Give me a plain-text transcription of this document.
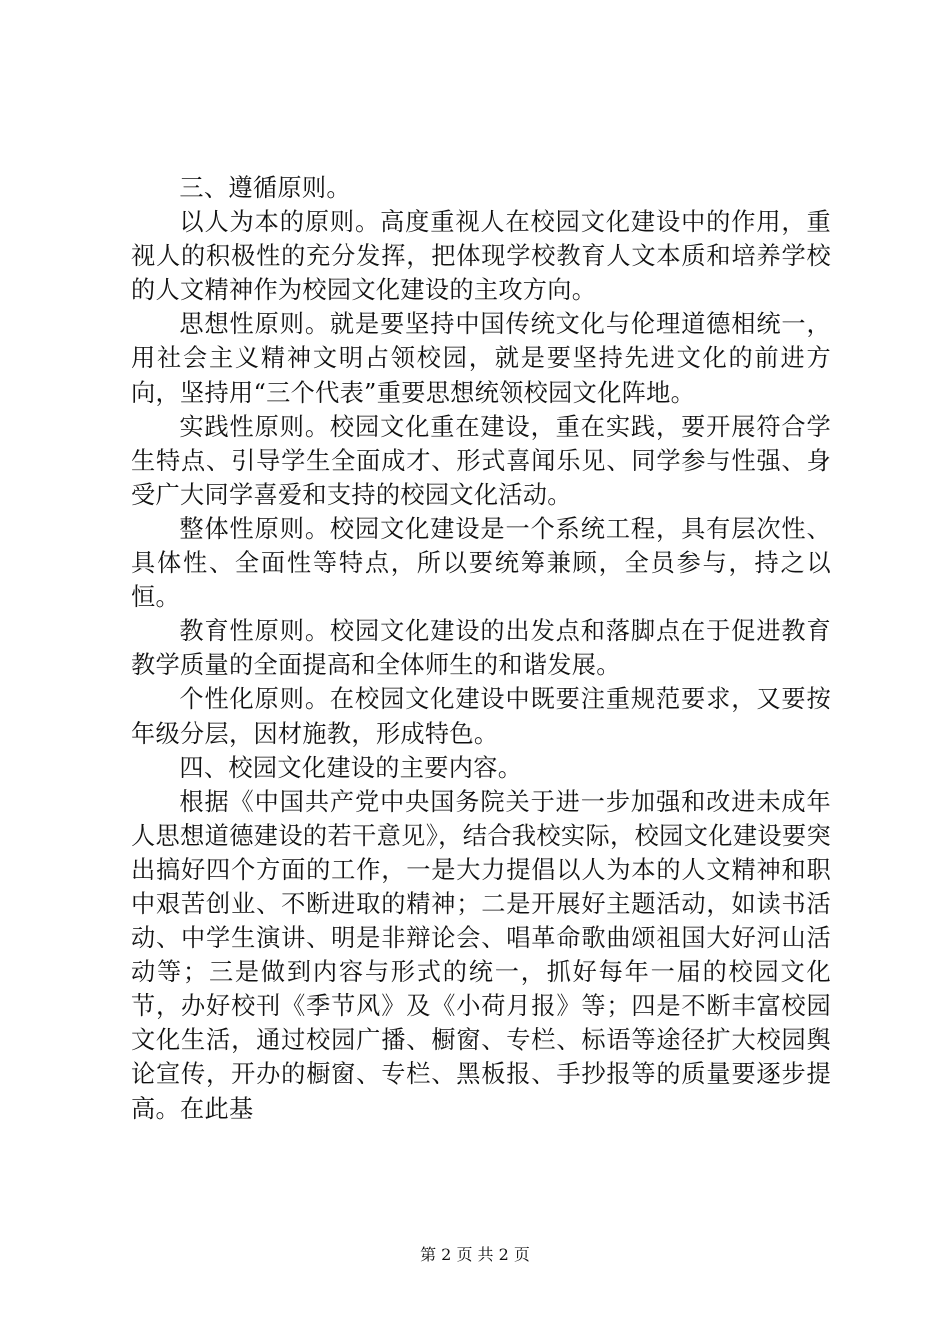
三、遵循原则。

以人为本的原则。高度重视人在校园文化建设中的作用，重视人的积极性的充分发挥，把体现学校教育人文本质和培养学校的人文精神作为校园文化建设的主攻方向。

思想性原则。就是要坚持中国传统文化与伦理道德相统一，用社会主义精神文明占领校园，就是要坚持先进文化的前进方向，坚持用“三个代表”重要思想统领校园文化阵地。

实践性原则。校园文化重在建设，重在实践，要开展符合学生特点、引导学生全面成才、形式喜闻乐见、同学参与性强、身受广大同学喜爱和支持的校园文化活动。

整体性原则。校园文化建设是一个系统工程，具有层次性、具体性、全面性等特点，所以要统筹兼顾，全员参与，持之以恒。

教育性原则。校园文化建设的出发点和落脚点在于促进教育教学质量的全面提高和全体师生的和谐发展。

个性化原则。在校园文化建设中既要注重规范要求，又要按年级分层，因材施教，形成特色。

四、校园文化建设的主要内容。

根据《中国共产党中央国务院关于进一步加强和改进未成年人思想道德建设的若干意见》，结合我校实际，校园文化建设要突出搞好四个方面的工作，一是大力提倡以人为本的人文精神和职中艰苦创业、不断进取的精神；二是开展好主题活动，如读书活动、中学生演讲、明是非辩论会、唱革命歌曲颂祖国大好河山活动等；三是做到内容与形式的统一，抓好每年一届的校园文化节，办好校刊《季节风》及《小荷月报》等；四是不断丰富校园文化生活，通过校园广播、橱窗、专栏、标语等途径扩大校园舆论宣传，开办的橱窗、专栏、黑板报、手抄报等的质量要逐步提高。在此基

第 2 页 共 2 页
